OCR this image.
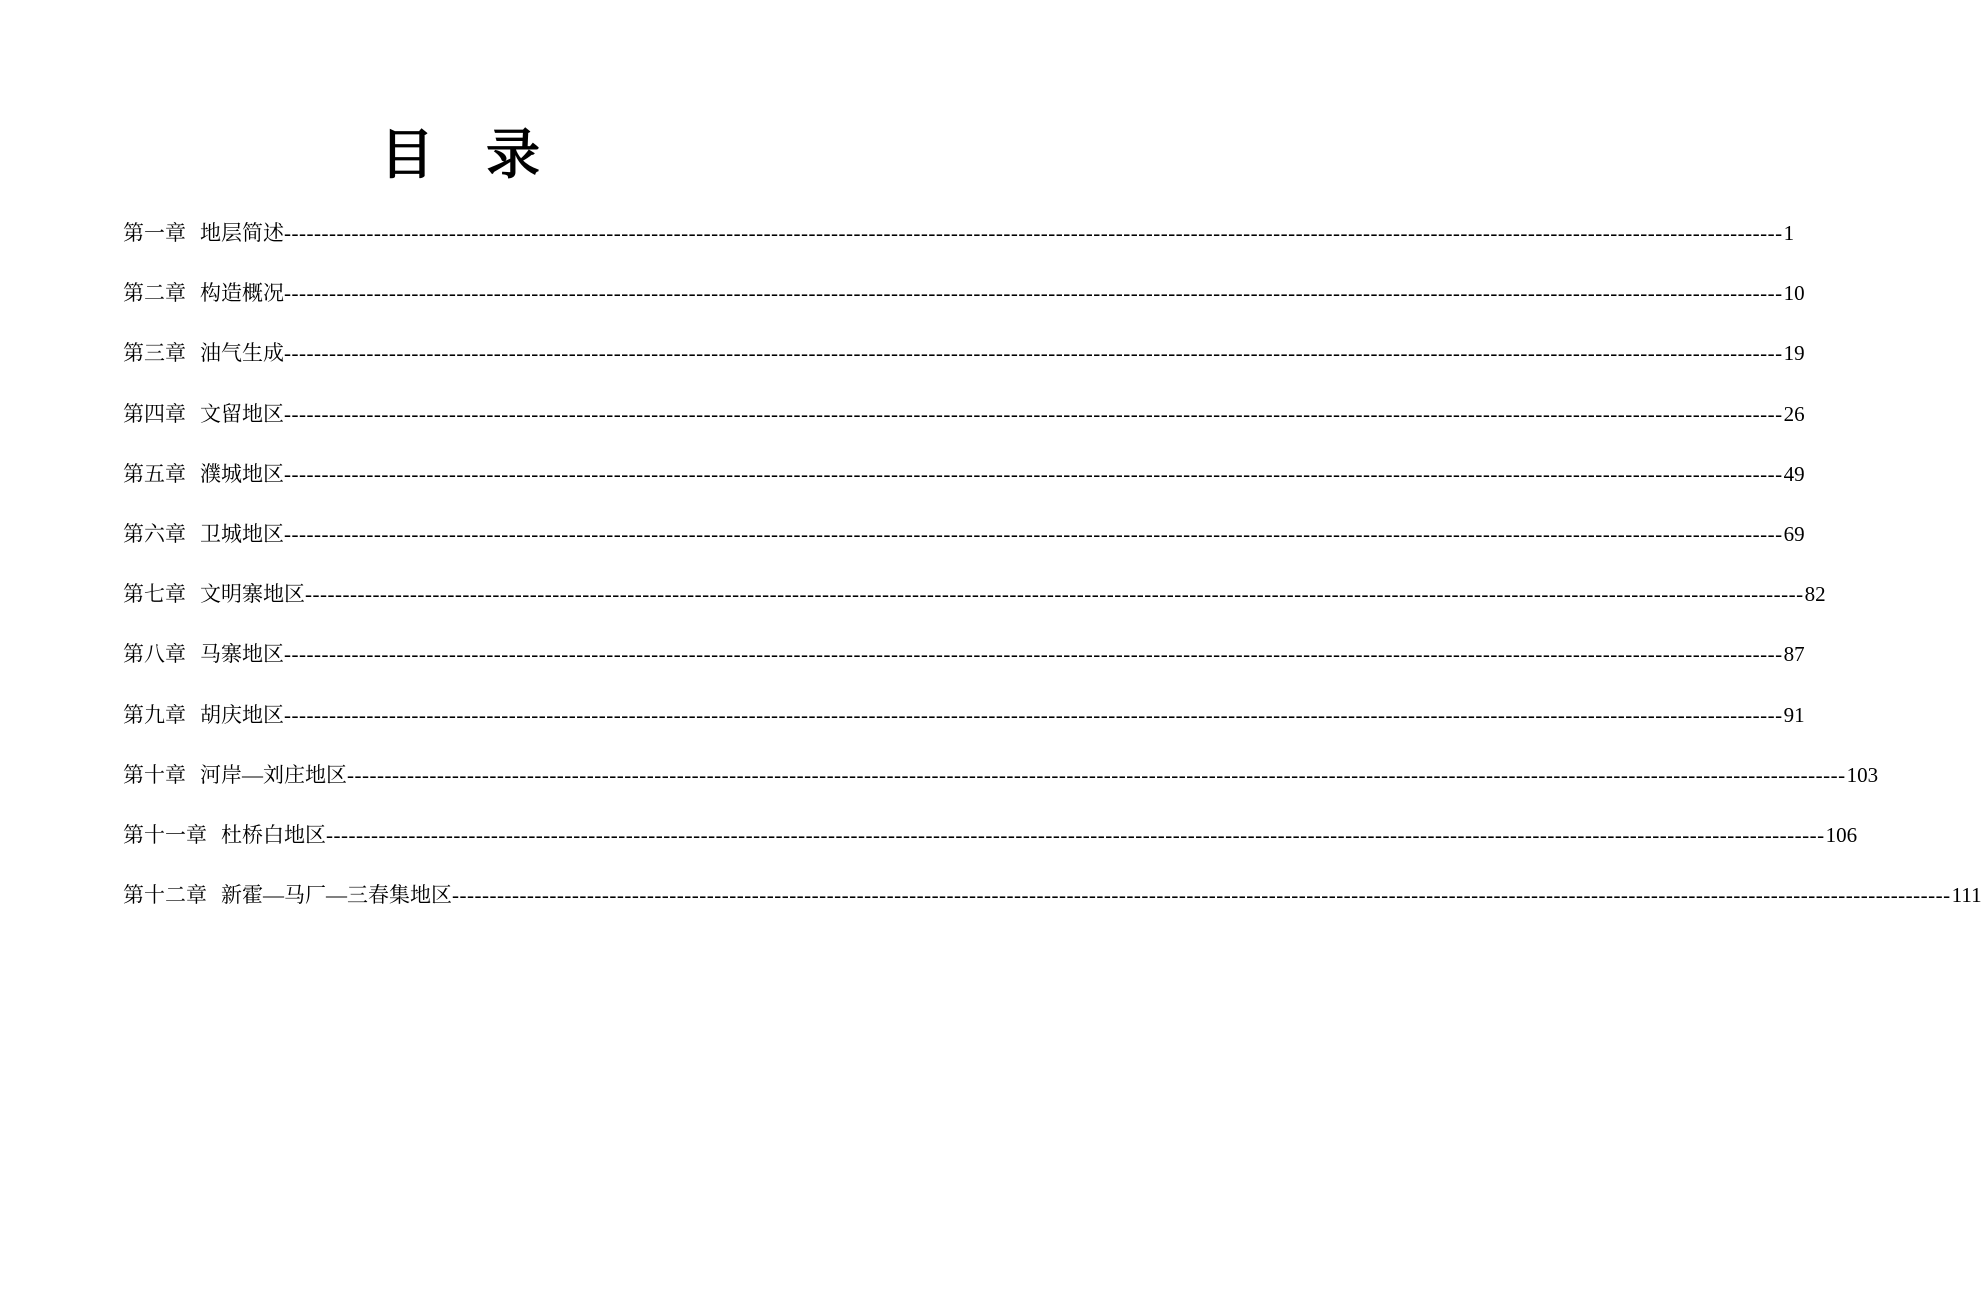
目 录
第一章 地层简述 -------------------------------------------------------------------------------------------------------------------------------------------------------------------------------------------------------- 1
第二章 构造概况 -------------------------------------------------------------------------------------------------------------------------------------------------------------------------------------------------------- 10
第三章 油气生成 -------------------------------------------------------------------------------------------------------------------------------------------------------------------------------------------------------- 19
第四章 文留地区 -------------------------------------------------------------------------------------------------------------------------------------------------------------------------------------------------------- 26
第五章 濮城地区 -------------------------------------------------------------------------------------------------------------------------------------------------------------------------------------------------------- 49
第六章 卫城地区 -------------------------------------------------------------------------------------------------------------------------------------------------------------------------------------------------------- 69
第七章 文明寨地区 -------------------------------------------------------------------------------------------------------------------------------------------------------------------------------------------------------- 82
第八章 马寨地区 -------------------------------------------------------------------------------------------------------------------------------------------------------------------------------------------------------- 87
第九章 胡庆地区 -------------------------------------------------------------------------------------------------------------------------------------------------------------------------------------------------------- 91
第十章 河岸—刘庄地区 -------------------------------------------------------------------------------------------------------------------------------------------------------------------------------------------------------- 103
第十一章 杜桥白地区 -------------------------------------------------------------------------------------------------------------------------------------------------------------------------------------------------------- 106
第十二章 新霍—马厂—三春集地区 -------------------------------------------------------------------------------------------------------------------------------------------------------------------------------------------------------- 111
